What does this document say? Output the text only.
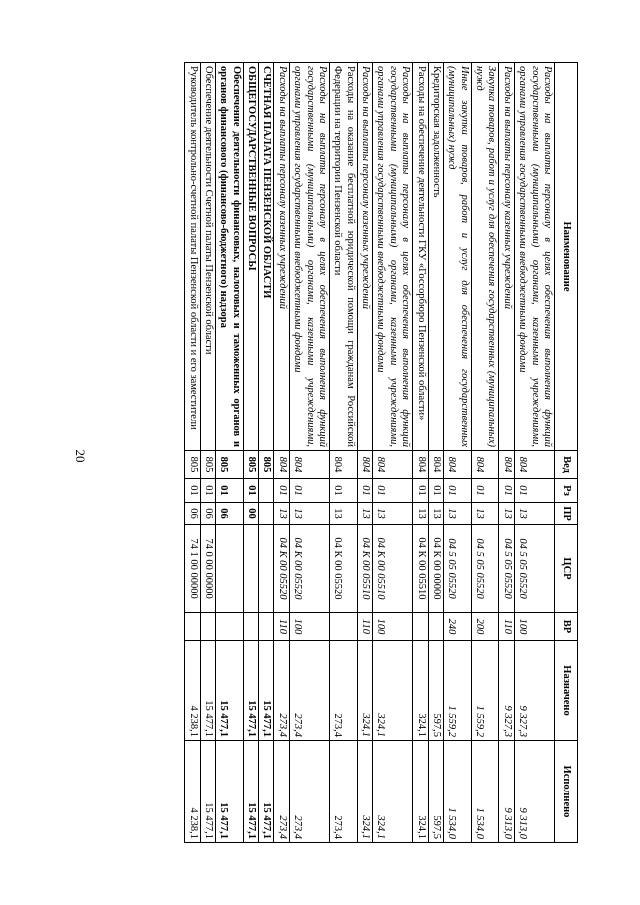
20
Наименование	Вед	Рз	ПР	ЦСР	ВР	Назначено	Исполнено
Расходы на выплаты персоналу в целях обеспечения выполнения функций государственными (муниципальными) органами, казенными учреждениями, органами управления государственными внебюджетными фондами	804	01	13	04 5 05 05520	100	9 327,3	9 313,0
Расходы на выплаты персоналу казенных учреждений	804	01	13	04 5 05 05520	110	9 327,3	9 313,0
Закупка товаров, работ и услуг для обеспечения государственных (муниципальных) нужд	804	01	13	04 5 05 05520	200	1 559,2	1 534,0
Иные закупки товаров, работ и услуг для обеспечения государственных (муниципальных) нужд	804	01	13	04 5 05 05520	240	1 559,2	1 534,0
Кредиторская задолженность	804	01	13	04 К 00 00000		597,5	597,5
Расходы на обеспечение деятельности ГКУ «Госсорбюро Пензенской области»	804	01	13	04 К 00 05510		324,1	324,1
Расходы на выплаты персоналу в целях обеспечения выполнения функций государственными (муниципальными) органами, казенными учреждениями, органами управления государственными внебюджетными фондами	804	01	13	04 К 00 05510	100	324,1	324,1
Расходы на выплаты персоналу казенных учреждений	804	01	13	04 К 00 05510	110	324,1	324,1
Расходы на оказание бесплатной юридической помощи гражданам Российской Федерации на территории Пензенской области	804	01	13	04 К 00 05520		273,4	273,4
Расходы на выплаты персоналу в целях обеспечения выполнения функций государственными (муниципальными) органами, казенными учреждениями, органами управления государственными внебюджетными фондами	804	01	13	04 К 00 05520	100	273,4	273,4
Расходы на выплаты персоналу казенных учреждений	804	01	13	04 К 00 05520	110	273,4	273,4
СЧЕТНАЯ ПАЛАТА ПЕНЗЕНСКОЙ ОБЛАСТИ	805					15 477,1	15 477,1
ОБЩЕГОСУДАРСТВЕННЫЕ ВОПРОСЫ	805	01	00			15 477,1	15 477,1
Обеспечение деятельности финансовых, налоговых и таможенных органов и органов финансового (финансово-бюджетного) надзора	805	01	06			15 477,1	15 477,1
Обеспечение деятельности Счетной палаты Пензенской области	805	01	06	74 0 00 00000		15 477,1	15 477,1
Руководитель контрольно-счетной палаты Пензенской области и его заместители	805	01	06	74 1 00 00000		4 238,1	4 238,1
